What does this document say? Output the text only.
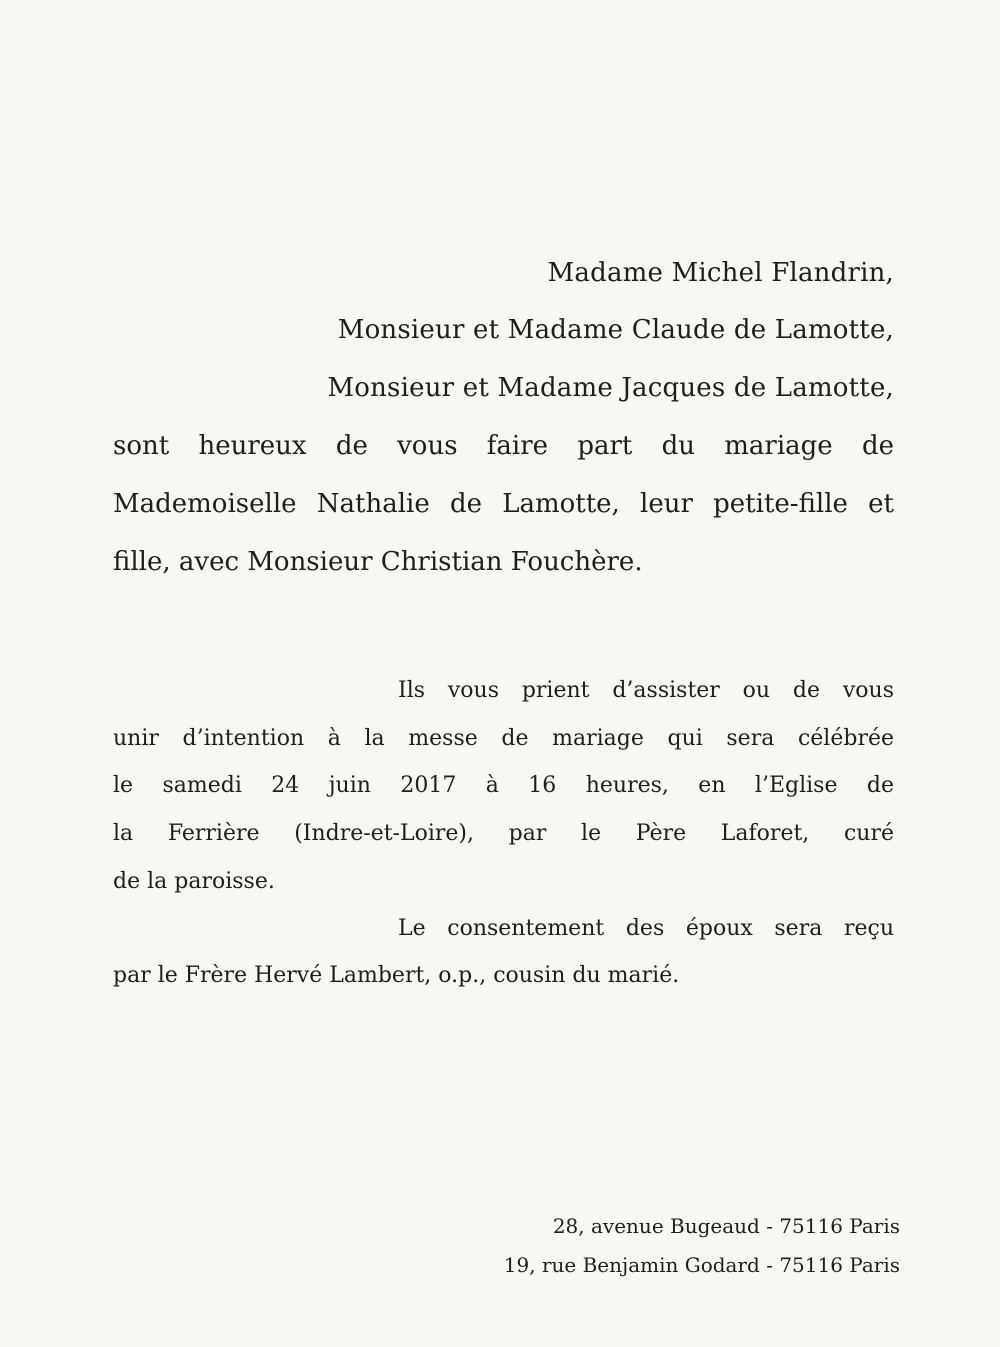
Madame Michel Flandrin,
Monsieur et Madame Claude de Lamotte,
Monsieur et Madame Jacques de Lamotte,
sont heureux de vous faire part du mariage de
Mademoiselle Nathalie de Lamotte, leur petite-fille et
fille, avec Monsieur Christian Fouchère.
Ils vous prient d’assister ou de vous
unir d’intention à la messe de mariage qui sera célébrée
le samedi 24 juin 2017 à 16 heures, en l’Eglise de
la Ferrière (Indre-et-Loire), par le Père Laforet, curé
de la paroisse.
Le consentement des époux sera reçu
par le Frère Hervé Lambert, o.p., cousin du marié.
28, avenue Bugeaud - 75116 Paris
19, rue Benjamin Godard - 75116 Paris
